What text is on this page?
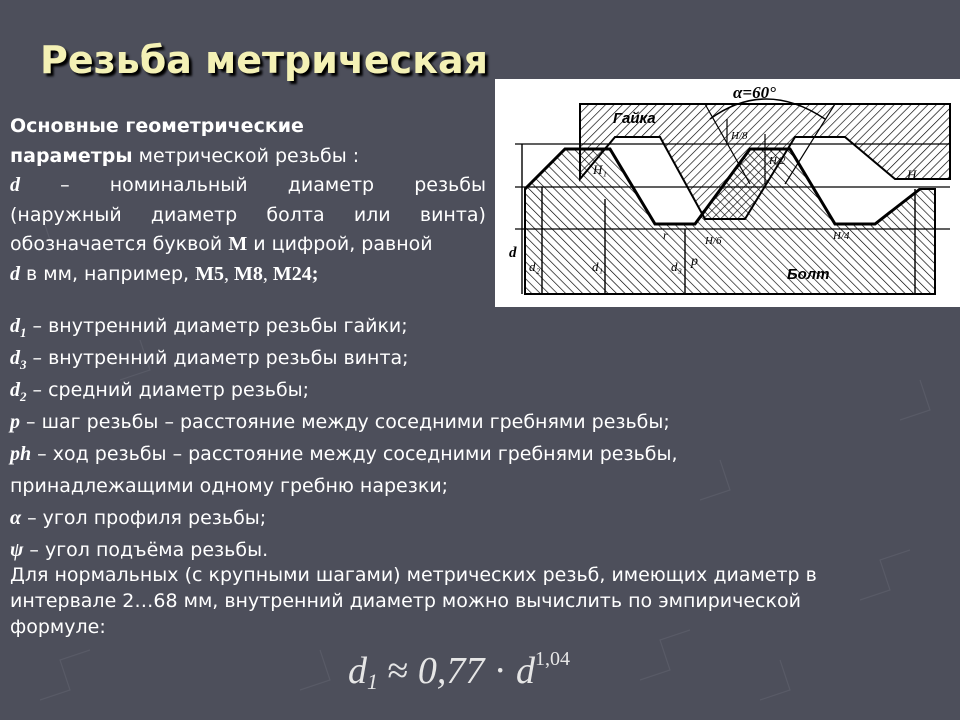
Резьба метрическая
Основные геометрические
параметры метрической резьбы :
d – номинальный диаметр резьбы
(наружный диаметр болта или винта)
обозначается буквой М и цифрой, равной
d в мм, например, М5, М8, М24;
α=60°
Гайка
Болт
H/8
H/2
H
H₁
H/6	H/4
d
d₂	d₁	d₃ p
r
$d_1$ – внутренний диаметр резьбы гайки;
$d_3$ – внутренний диаметр резьбы винта;
$d_2$ – средний диаметр резьбы;
p – шаг резьбы – расстояние между соседними гребнями резьбы;
ph – ход резьбы – расстояние между соседними гребнями резьбы,
принадлежащими одному гребню нарезки;
α – угол профиля резьбы;
ψ – угол подъёма резьбы.
Для нормальных (с крупными шагами) метрических резьб, имеющих диаметр в
интервале 2…68 мм, внутренний диаметр можно вычислить по эмпирической
формуле:
$d1 \approx 0,77 \cdot d^{1,04}$
